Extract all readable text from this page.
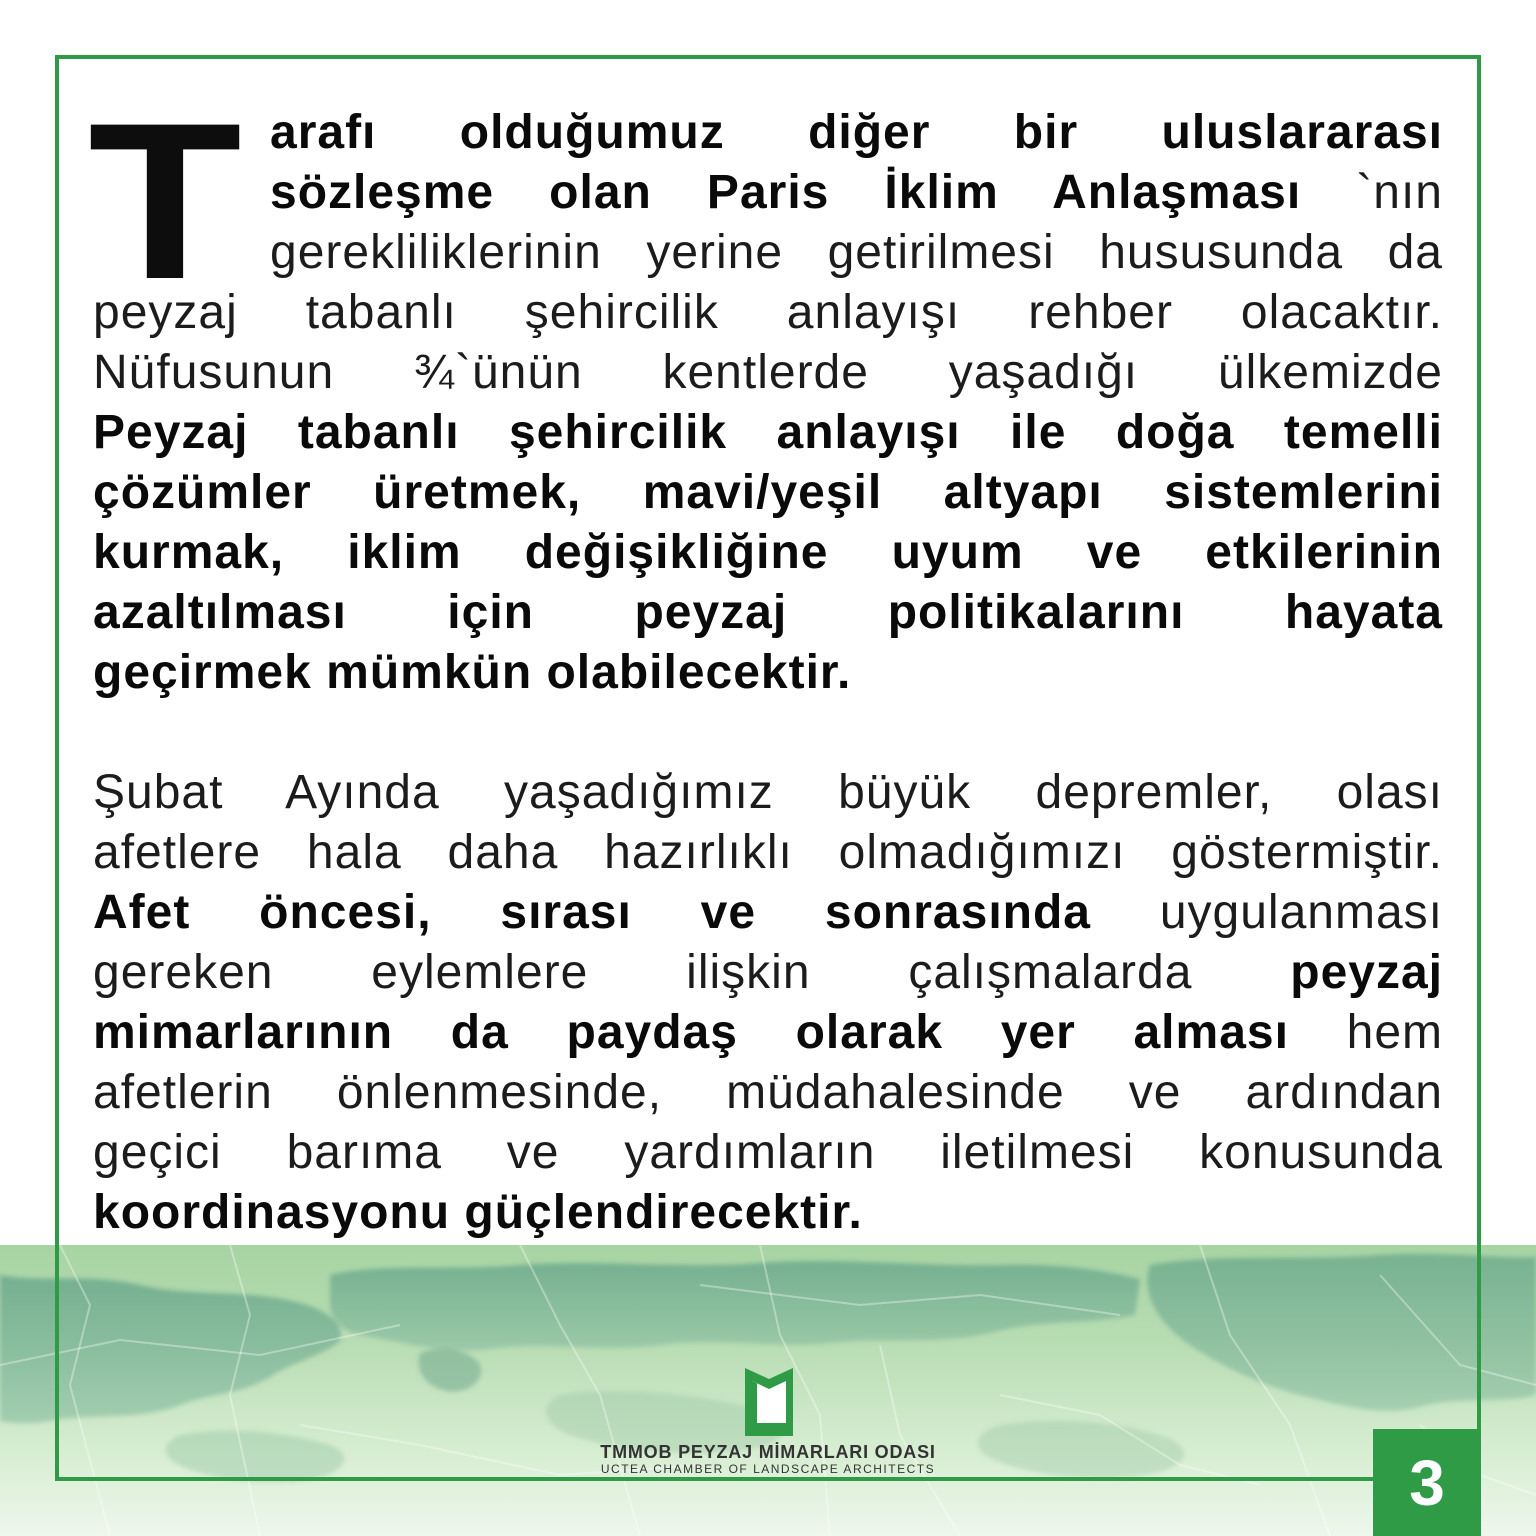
T arafı olduğumuz diğer bir uluslararası
sözleşme olan Paris İklim Anlaşması `nın
gerekliliklerinin yerine getirilmesi hususunda da
peyzaj tabanlı şehircilik anlayışı rehber olacaktır.
Nüfusunun ¾`ünün kentlerde yaşadığı ülkemizde
Peyzaj tabanlı şehircilik anlayışı ile doğa temelli
çözümler üretmek, mavi/yeşil altyapı sistemlerini
kurmak, iklim değişikliğine uyum ve etkilerinin
azaltılması için peyzaj politikalarını hayata
geçirmek mümkün olabilecektir.
Şubat Ayında yaşadığımız büyük depremler, olası
afetlere hala daha hazırlıklı olmadığımızı göstermiştir.
Afet öncesi, sırası ve sonrasında uygulanması
gereken eylemlere ilişkin çalışmalarda peyzaj
mimarlarının da paydaş olarak yer alması hem
afetlerin önlenmesinde, müdahalesinde ve ardından
geçici barıma ve yardımların iletilmesi konusunda
koordinasyonu güçlendirecektir.
TMMOB PEYZAJ MİMARLARI ODASI
UCTEA CHAMBER OF LANDSCAPE ARCHITECTS	3
